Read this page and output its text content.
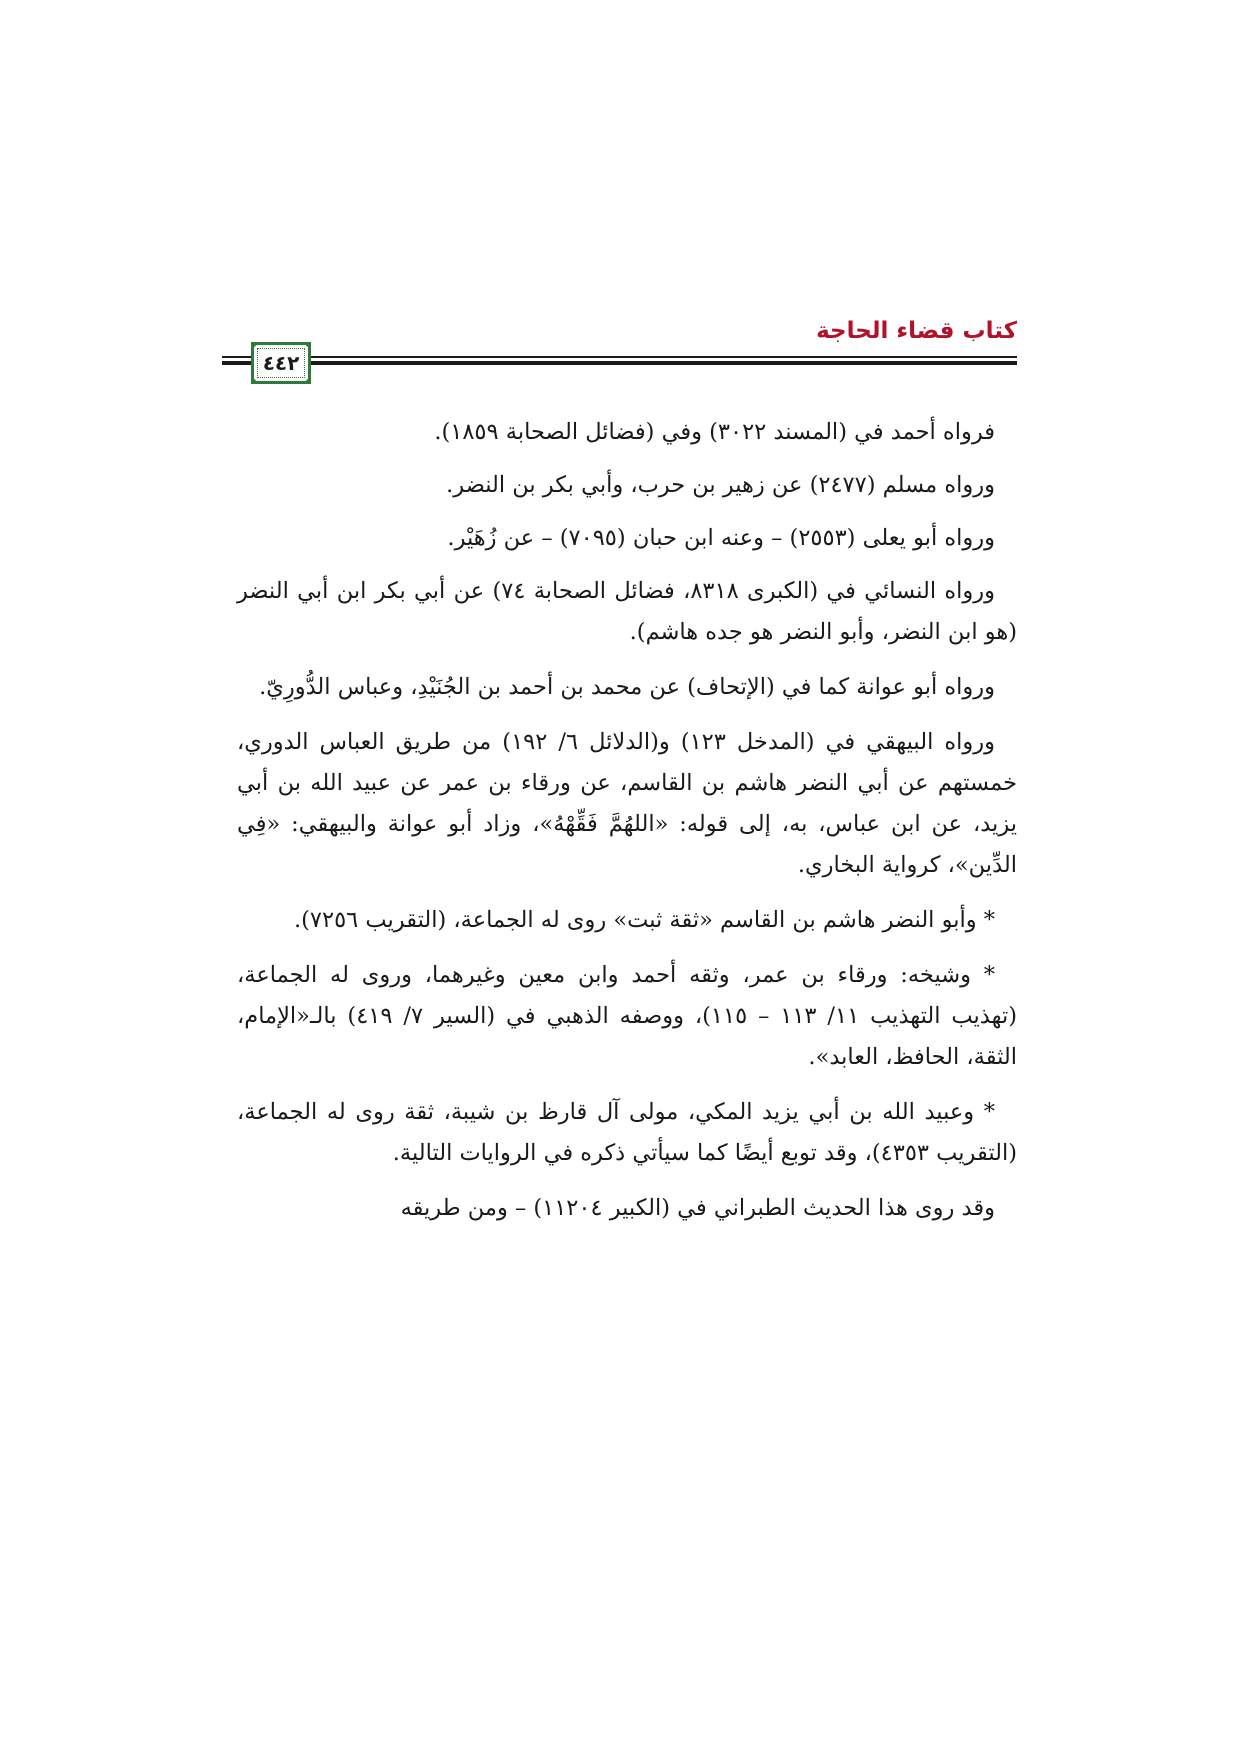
كتاب قضاء الحاجة
٤٤٢

فرواه أحمد في (المسند ٣٠٢٢) وفي (فضائل الصحابة ١٨٥٩).

ورواه مسلم (٢٤٧٧) عن زهير بن حرب، وأبي بكر بن النضر.

ورواه أبو يعلى (٢٥٥٣) – وعنه ابن حبان (٧٠٩٥) – عن زُهَيْر.

ورواه النسائي في (الكبرى ٨٣١٨، فضائل الصحابة ٧٤) عن أبي بكر ابن أبي النضر (هو ابن النضر، وأبو النضر هو جده هاشم).

ورواه أبو عوانة كما في (الإتحاف) عن محمد بن أحمد بن الجُنَيْدِ، وعباس الدُّورِيّ.

ورواه البيهقي في (المدخل ١٢٣) و(الدلائل ٦/ ١٩٢) من طريق العباس الدوري، خمستهم عن أبي النضر هاشم بن القاسم، عن ورقاء بن عمر عن عبيد الله بن أبي يزيد، عن ابن عباس، به، إلى قوله: «اللهُمَّ فَقِّهْهُ»، وزاد أبو عوانة والبيهقي: «فِي الدِّين»، كرواية البخاري.

* وأبو النضر هاشم بن القاسم «ثقة ثبت» روى له الجماعة، (التقريب ٧٢٥٦).

* وشيخه: ورقاء بن عمر، وثقه أحمد وابن معين وغيرهما، وروى له الجماعة، (تهذيب التهذيب ١١/ ١١٣ – ١١٥)، ووصفه الذهبي في (السير ٧/ ٤١٩) بالـ«الإمام، الثقة، الحافظ، العابد».

* وعبيد الله بن أبي يزيد المكي، مولى آل قارظ بن شيبة، ثقة روى له الجماعة، (التقريب ٤٣٥٣)، وقد توبع أيضًا كما سيأتي ذكره في الروايات التالية.

وقد روى هذا الحديث الطبراني في (الكبير ١١٢٠٤) – ومن طريقه
